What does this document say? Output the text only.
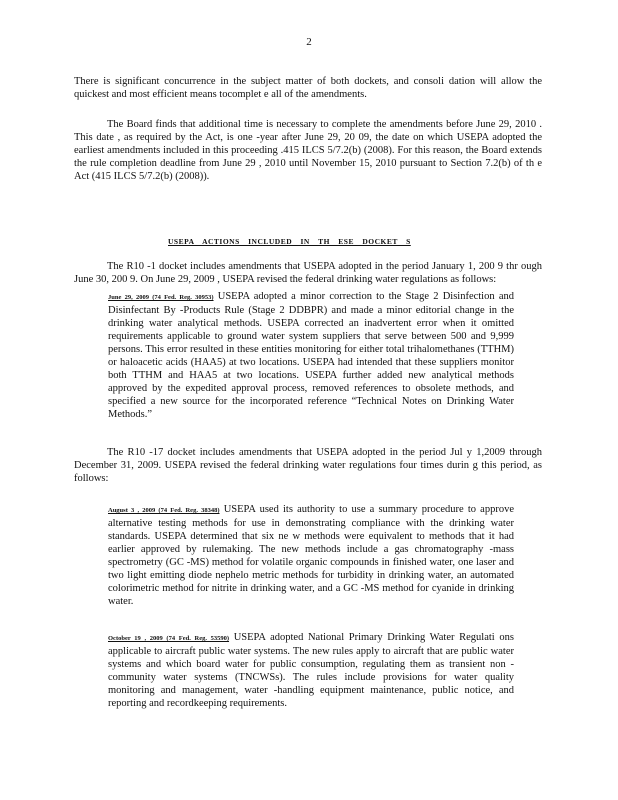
2
There is significant concurrence in the subject matter of both dockets, and consoli dation will allow the quickest and most efficient means tocomplet e all of the amendments.
The Board finds that additional time is necessary to complete the amendments before June 29, 2010 . This date , as required by the Act, is one -year after June 29, 20 09, the date on which USEPA adopted the earliest amendments included in this proceeding .415 ILCS 5/7.2(b) (2008). For this reason, the Board extends the rule completion deadline from June 29 , 2010 until November 15, 2010 pursuant to Section 7.2(b) of th e Act (415 ILCS 5/7.2(b) (2008)).
USEPA ACTIONS INCLUDED IN TH ESE DOCKET S
The R10 -1 docket includes amendments that USEPA adopted in the period January 1, 200 9 thr ough June 30, 200 9. On June 29, 2009 , USEPA revised the federal drinking water regulations as follows:
June 29, 2009 (74 Fed. Reg. 30953) USEPA adopted a minor correction to the Stage 2 Disinfection and Disinfectant By -Products Rule (Stage 2 DDBPR) and made a minor editorial change in the drinking water analytical methods. USEPA corrected an inadvertent error when it omitted requirements applicable to ground water system suppliers that serve between 500 and 9,999 persons. This error resulted in these entities monitoring for either total trihalomethanes (TTHM) or haloacetic acids (HAA5) at two locations. USEPA had intended that these suppliers monitor both TTHM and HAA5 at two locations. USEPA further added new analytical methods approved by the expedited approval process, removed references to obsolete methods, and specified a new source for the incorporated reference “Technical Notes on Drinking Water Methods.”
The R10 -17 docket includes amendments that USEPA adopted in the period Jul y 1,2009 through December 31, 2009. USEPA revised the federal drinking water regulations four times durin g this period, as follows:
August 3 , 2009 (74 Fed. Reg. 38348) USEPA used its authority to use a summary procedure to approve alternative testing methods for use in demonstrating compliance with the drinking water standards. USEPA determined that six ne w methods were equivalent to methods that it had earlier approved by rulemaking. The new methods include a gas chromatography -mass spectrometry (GC -MS) method for volatile organic compounds in finished water, one laser and two light emitting diode nephelo metric methods for turbidity in drinking water, an automated colorimetric method for nitrite in drinking water, and a GC -MS method for cyanide in drinking water.
October 19 , 2009 (74 Fed. Reg. 53590) USEPA adopted National Primary Drinking Water Regulati ons applicable to aircraft public water systems. The new rules apply to aircraft that are public water systems and which board water for public consumption, regulating them as transient non -community water systems (TNCWSs). The rules include provisions for water quality monitoring and management, water -handling equipment maintenance, public notice, and reporting and recordkeeping requirements.
